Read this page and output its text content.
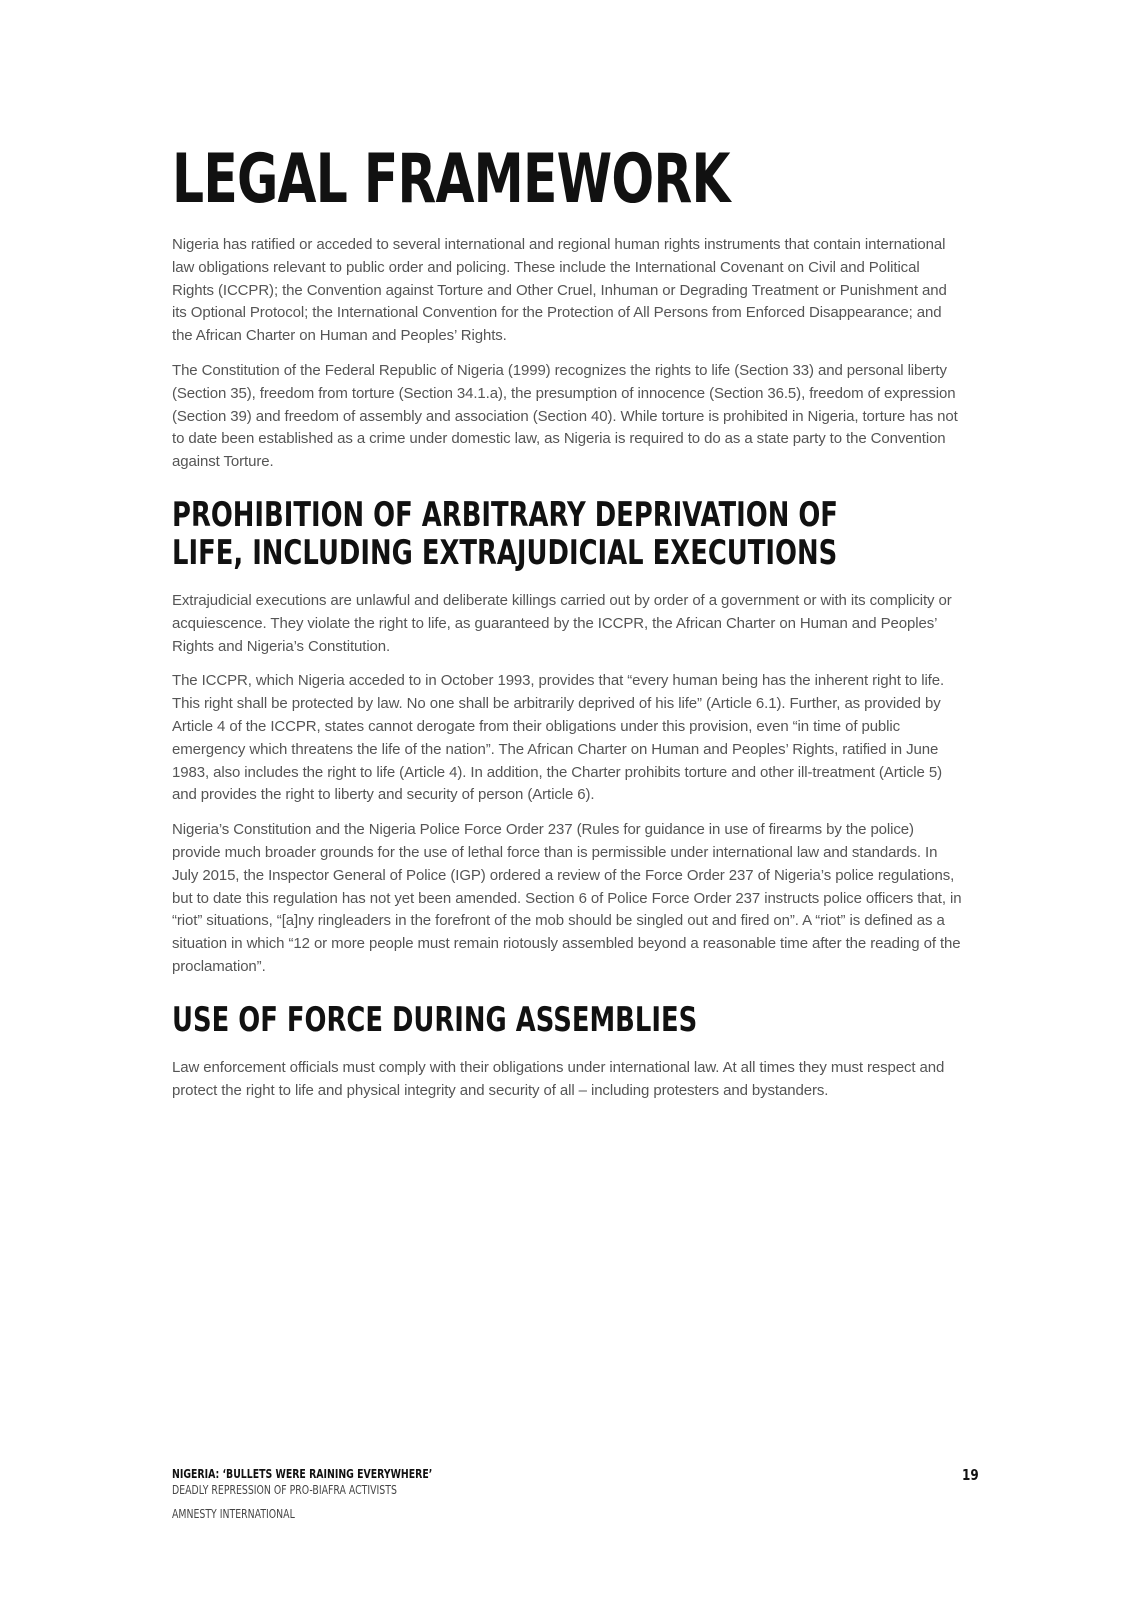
LEGAL FRAMEWORK

Nigeria has ratified or acceded to several international and regional human rights instruments that contain international law obligations relevant to public order and policing. These include the International Covenant on Civil and Political Rights (ICCPR); the Convention against Torture and Other Cruel, Inhuman or Degrading Treatment or Punishment and its Optional Protocol; the International Convention for the Protection of All Persons from Enforced Disappearance; and the African Charter on Human and Peoples’ Rights.

The Constitution of the Federal Republic of Nigeria (1999) recognizes the rights to life (Section 33) and personal liberty (Section 35), freedom from torture (Section 34.1.a), the presumption of innocence (Section 36.5), freedom of expression (Section 39) and freedom of assembly and association (Section 40). While torture is prohibited in Nigeria, torture has not to date been established as a crime under domestic law, as Nigeria is required to do as a state party to the Convention against Torture.

PROHIBITION OF ARBITRARY DEPRIVATION OF LIFE, INCLUDING EXTRAJUDICIAL EXECUTIONS

Extrajudicial executions are unlawful and deliberate killings carried out by order of a government or with its complicity or acquiescence. They violate the right to life, as guaranteed by the ICCPR, the African Charter on Human and Peoples’ Rights and Nigeria’s Constitution.

The ICCPR, which Nigeria acceded to in October 1993, provides that “every human being has the inherent right to life. This right shall be protected by law. No one shall be arbitrarily deprived of his life” (Article 6.1). Further, as provided by Article 4 of the ICCPR, states cannot derogate from their obligations under this provision, even “in time of public emergency which threatens the life of the nation”. The African Charter on Human and Peoples’ Rights, ratified in June 1983, also includes the right to life (Article 4). In addition, the Charter prohibits torture and other ill-treatment (Article 5) and provides the right to liberty and security of person (Article 6).

Nigeria’s Constitution and the Nigeria Police Force Order 237 (Rules for guidance in use of firearms by the police) provide much broader grounds for the use of lethal force than is permissible under international law and standards. In July 2015, the Inspector General of Police (IGP) ordered a review of the Force Order 237 of Nigeria’s police regulations, but to date this regulation has not yet been amended. Section 6 of Police Force Order 237 instructs police officers that, in “riot” situations, “[a]ny ringleaders in the forefront of the mob should be singled out and fired on”. A “riot” is defined as a situation in which “12 or more people must remain riotously assembled beyond a reasonable time after the reading of the proclamation”.

USE OF FORCE DURING ASSEMBLIES

Law enforcement officials must comply with their obligations under international law. At all times they must respect and protect the right to life and physical integrity and security of all – including protesters and bystanders.

NIGERIA: ‘BULLETS WERE RAINING EVERYWHERE’
DEADLY REPRESSION OF PRO-BIAFRA ACTIVISTS
AMNESTY INTERNATIONAL
19
